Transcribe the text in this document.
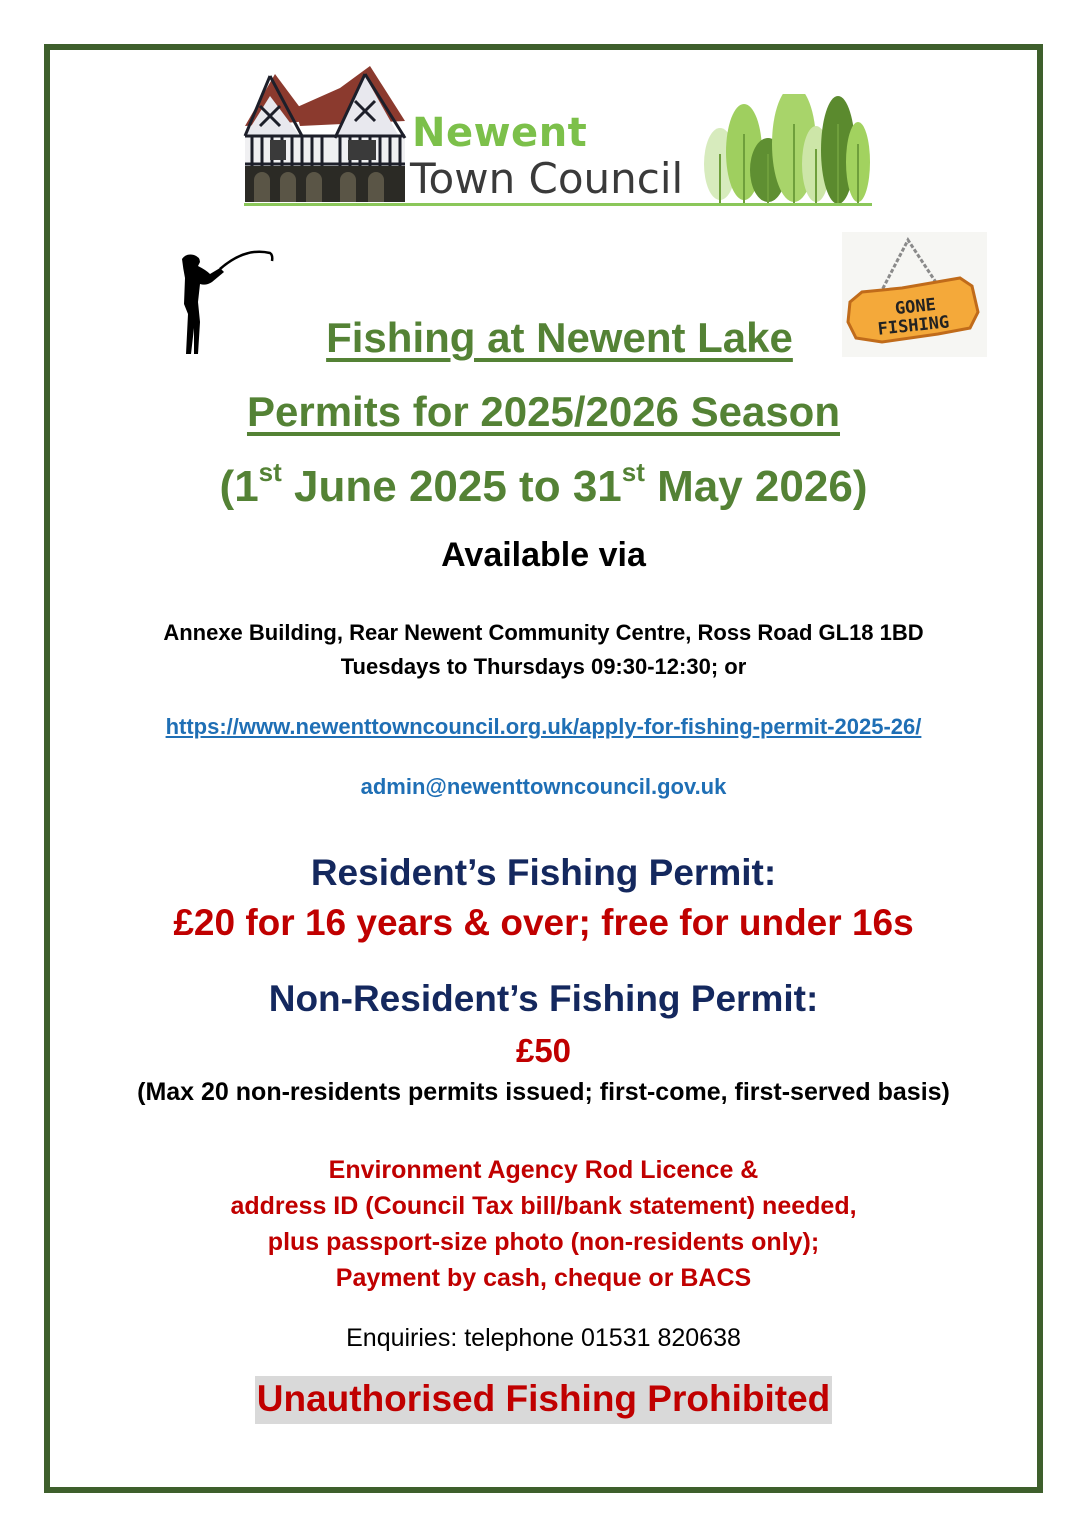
Newent
Town Council
GONE
FISHING
Fishing at Newent Lake
Permits for 2025/2026 Season
(1st June 2025 to 31st May 2026)
Available via
Annexe Building, Rear Newent Community Centre, Ross Road GL18 1BD
Tuesdays to Thursdays 09:30-12:30; or
https://www.newenttowncouncil.org.uk/apply-for-fishing-permit-2025-26/
admin@newenttowncouncil.gov.uk
Resident’s Fishing Permit:
£20 for 16 years & over; free for under 16s
Non-Resident’s Fishing Permit:
£50
(Max 20 non-residents permits issued; first-come, first-served basis)
Environment Agency Rod Licence &
address ID (Council Tax bill/bank statement) needed,
plus passport-size photo (non-residents only);
Payment by cash, cheque or BACS
Enquiries: telephone 01531 820638
Unauthorised Fishing Prohibited
